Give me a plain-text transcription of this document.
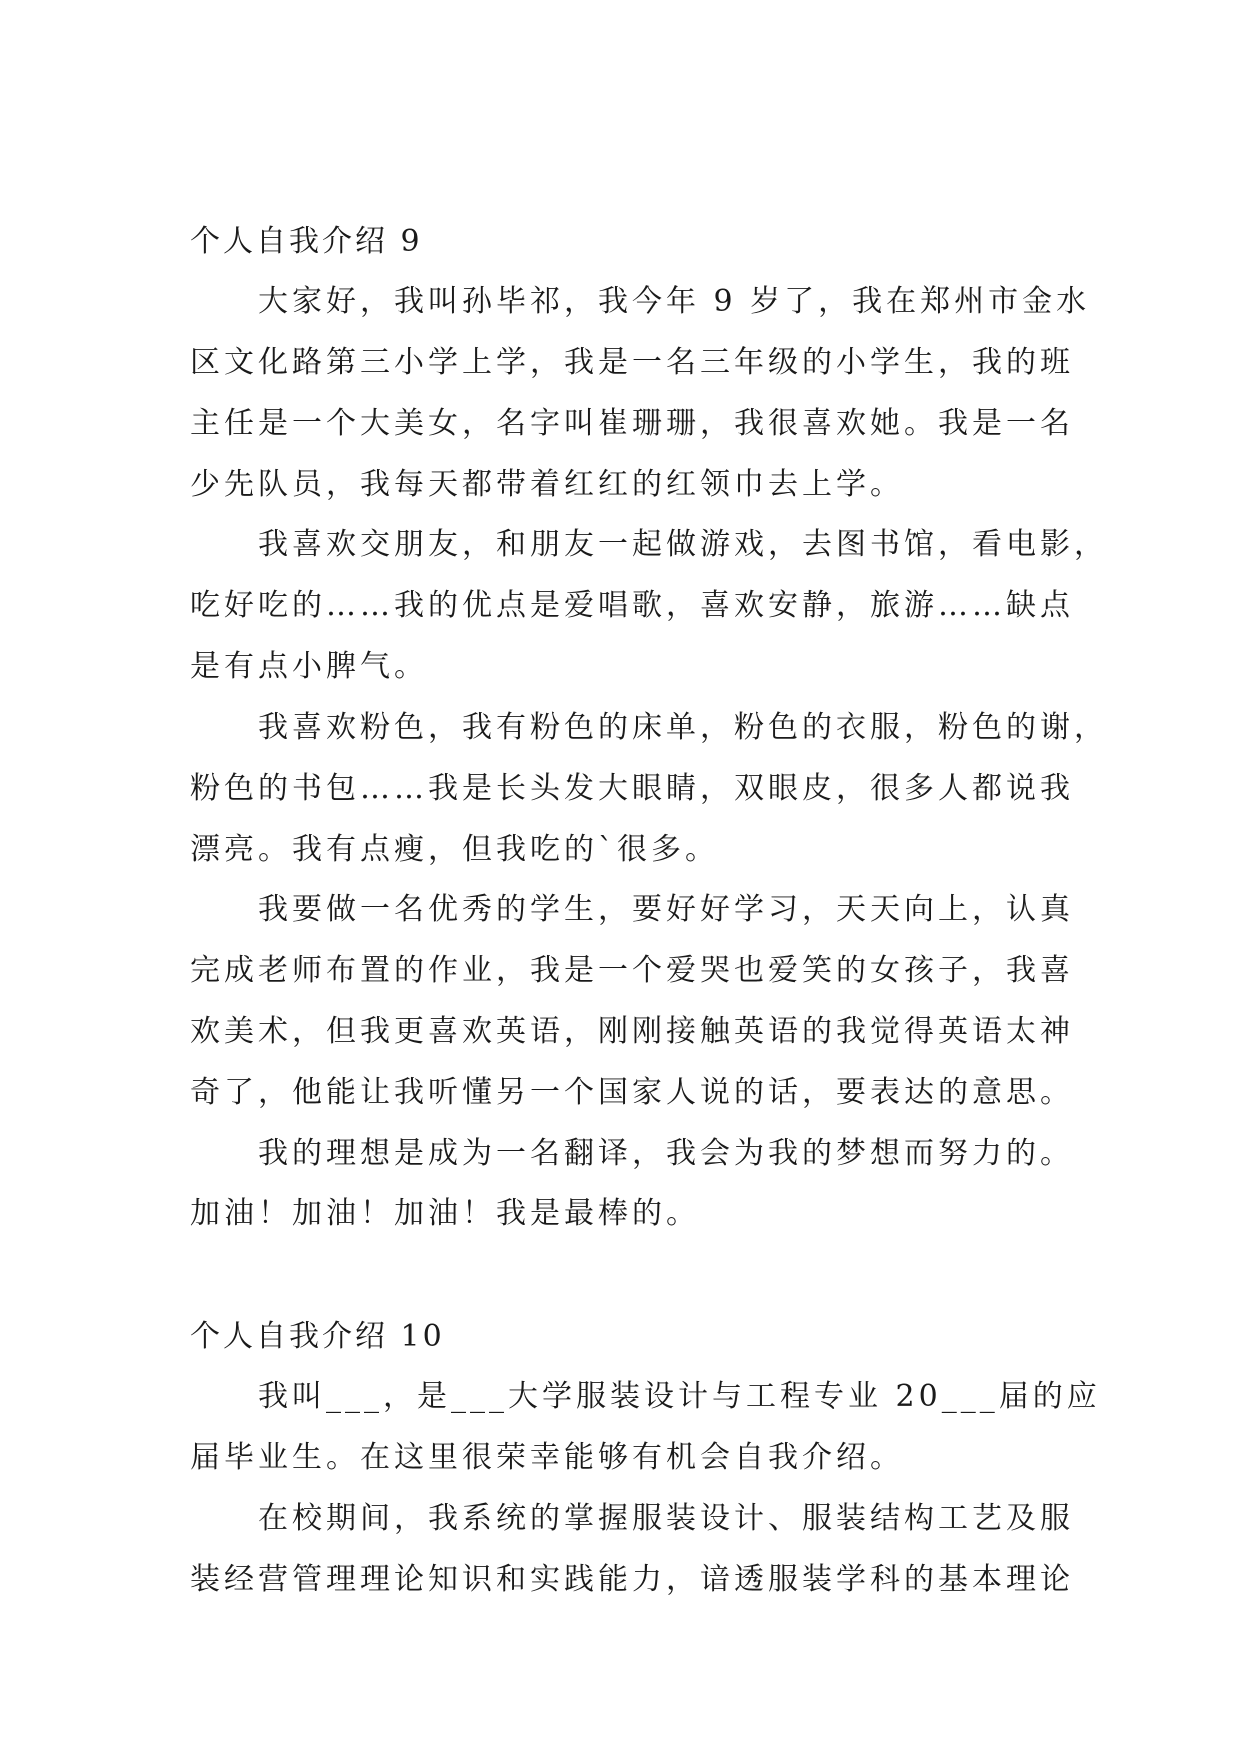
个人自我介绍 9
大家好，我叫孙毕祁，我今年 9 岁了，我在郑州市金水
区文化路第三小学上学，我是一名三年级的小学生，我的班
主任是一个大美女，名字叫崔珊珊，我很喜欢她。我是一名
少先队员，我每天都带着红红的红领巾去上学。
我喜欢交朋友，和朋友一起做游戏，去图书馆，看电影，
吃好吃的……我的优点是爱唱歌，喜欢安静，旅游……缺点
是有点小脾气。
我喜欢粉色，我有粉色的床单，粉色的衣服，粉色的谢，
粉色的书包……我是长头发大眼睛，双眼皮，很多人都说我
漂亮。我有点瘦，但我吃的`很多。
我要做一名优秀的学生，要好好学习，天天向上，认真
完成老师布置的作业，我是一个爱哭也爱笑的女孩子，我喜
欢美术，但我更喜欢英语，刚刚接触英语的我觉得英语太神
奇了，他能让我听懂另一个国家人说的话，要表达的意思。
我的理想是成为一名翻译，我会为我的梦想而努力的。
加油！加油！加油！我是最棒的。
个人自我介绍 10
我叫___，是___大学服装设计与工程专业 20___届的应
届毕业生。在这里很荣幸能够有机会自我介绍。
在校期间，我系统的掌握服装设计、服装结构工艺及服
装经营管理理论知识和实践能力，谙透服装学科的基本理论
